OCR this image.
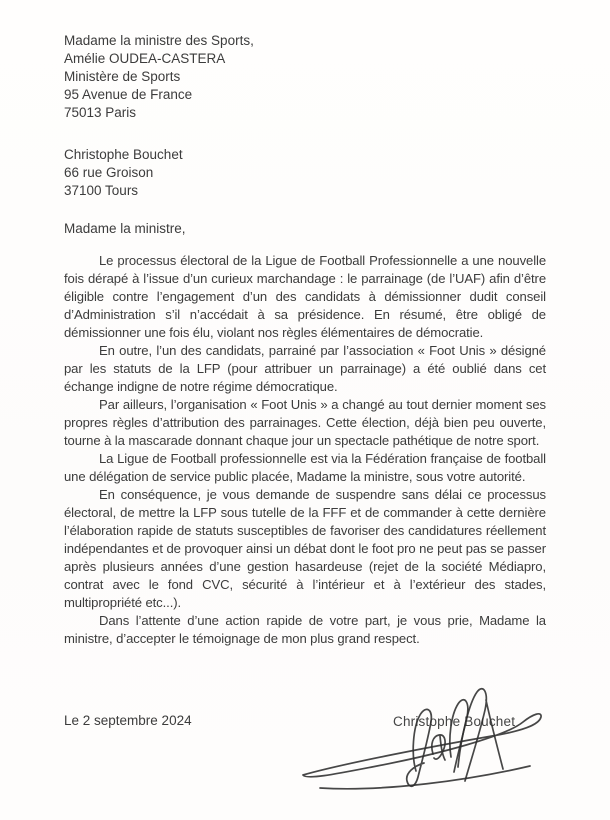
Madame la ministre des Sports,
Amélie OUDEA-CASTERA
Ministère de Sports
95 Avenue de France
75013 Paris
Christophe Bouchet
66 rue Groison
37100 Tours
Madame la ministre,

Le processus électoral de la Ligue de Football Professionnelle a une nouvelle fois dérapé à l’issue d’un curieux marchandage : le parrainage (de l’UAF) afin d’être éligible contre l’engagement d’un des candidats à démissionner dudit conseil d’Administration s’il n’accédait à sa présidence. En résumé, être obligé de démissionner une fois élu, violant nos règles élémentaires de démocratie.

En outre, l’un des candidats, parrainé par l’association « Foot Unis » désigné par les statuts de la LFP (pour attribuer un parrainage) a été oublié dans cet échange indigne de notre régime démocratique.

Par ailleurs, l’organisation « Foot Unis » a changé au tout dernier moment ses propres règles d’attribution des parrainages. Cette élection, déjà bien peu ouverte, tourne à la mascarade donnant chaque jour un spectacle pathétique de notre sport.

La Ligue de Football professionnelle est via la Fédération française de football une délégation de service public placée, Madame la ministre, sous votre autorité.

En conséquence, je vous demande de suspendre sans délai ce processus électoral, de mettre la LFP sous tutelle de la FFF et de commander à cette dernière l’élaboration rapide de statuts susceptibles de favoriser des candidatures réellement indépendantes et de provoquer ainsi un débat dont le foot pro ne peut pas se passer après plusieurs années d’une gestion hasardeuse (rejet de la société Médiapro, contrat avec le fond CVC, sécurité à l’intérieur et à l’extérieur des stades, multipropriété etc...).

Dans l’attente d’une action rapide de votre part, je vous prie, Madame la ministre, d’accepter le témoignage de mon plus grand respect.

Le 2 septembre 2024	Christophe Bouchet
